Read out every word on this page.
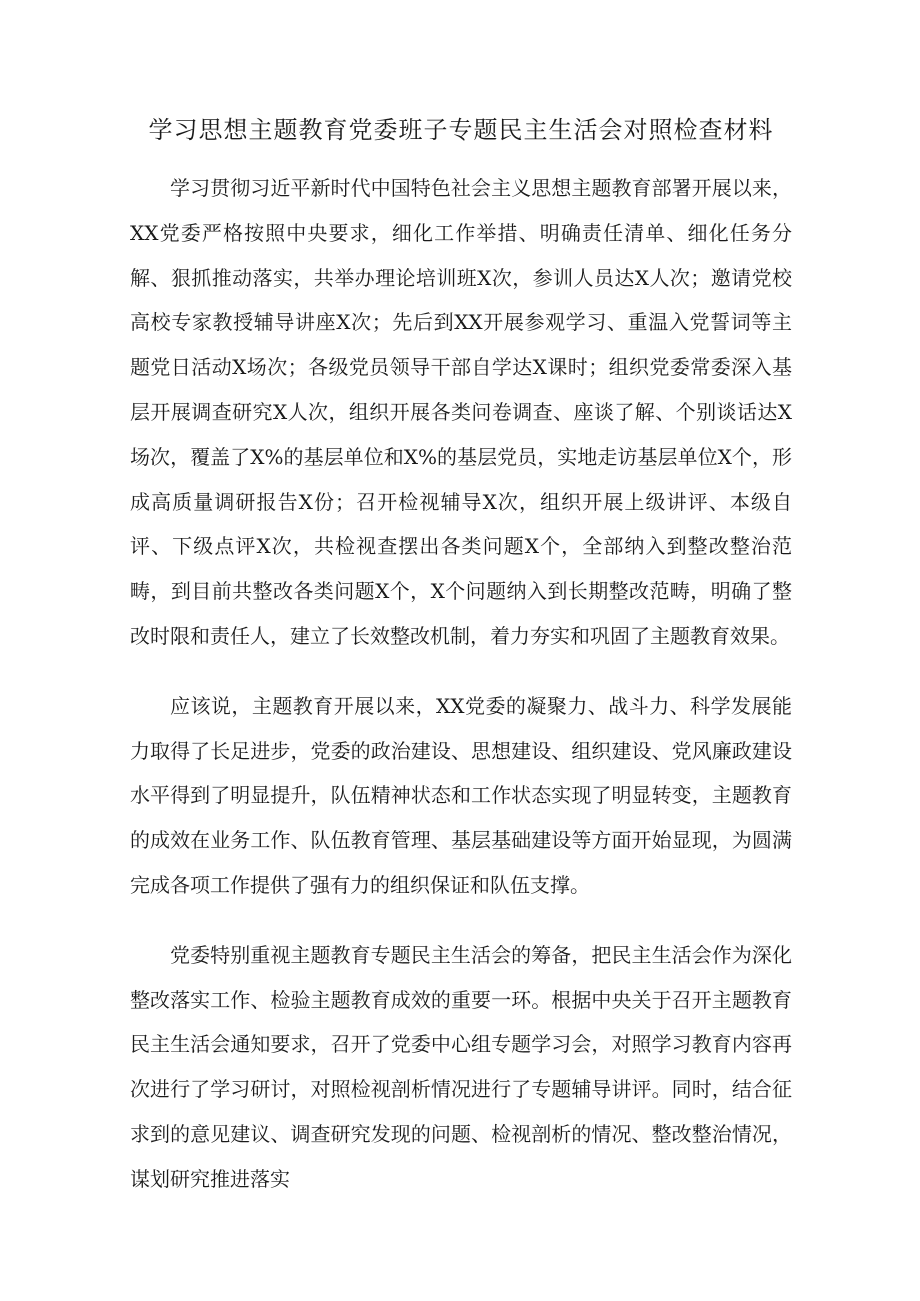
学习思想主题教育党委班子专题民主生活会对照检查材料

学习贯彻习近平新时代中国特色社会主义思想主题教育部署开展以来，XX党委严格按照中央要求，细化工作举措、明确责任清单、细化任务分解、狠抓推动落实，共举办理论培训班X次，参训人员达X人次；邀请党校高校专家教授辅导讲座X次；先后到XX开展参观学习、重温入党誓词等主题党日活动X场次；各级党员领导干部自学达X课时；组织党委常委深入基层开展调查研究X人次，组织开展各类问卷调查、座谈了解、个别谈话达X场次，覆盖了X%的基层单位和X%的基层党员，实地走访基层单位X个，形成高质量调研报告X份；召开检视辅导X次，组织开展上级讲评、本级自评、下级点评X次，共检视查摆出各类问题X个，全部纳入到整改整治范畴，到目前共整改各类问题X个，X个问题纳入到长期整改范畴，明确了整改时限和责任人，建立了长效整改机制，着力夯实和巩固了主题教育效果。

应该说，主题教育开展以来，XX党委的凝聚力、战斗力、科学发展能力取得了长足进步，党委的政治建设、思想建设、组织建设、党风廉政建设水平得到了明显提升，队伍精神状态和工作状态实现了明显转变，主题教育的成效在业务工作、队伍教育管理、基层基础建设等方面开始显现，为圆满完成各项工作提供了强有力的组织保证和队伍支撑。

党委特别重视主题教育专题民主生活会的筹备，把民主生活会作为深化整改落实工作、检验主题教育成效的重要一环。根据中央关于召开主题教育民主生活会通知要求，召开了党委中心组专题学习会，对照学习教育内容再次进行了学习研讨，对照检视剖析情况进行了专题辅导讲评。同时，结合征求到的意见建议、调查研究发现的问题、检视剖析的情况、整改整治情况，谋划研究推进落实
